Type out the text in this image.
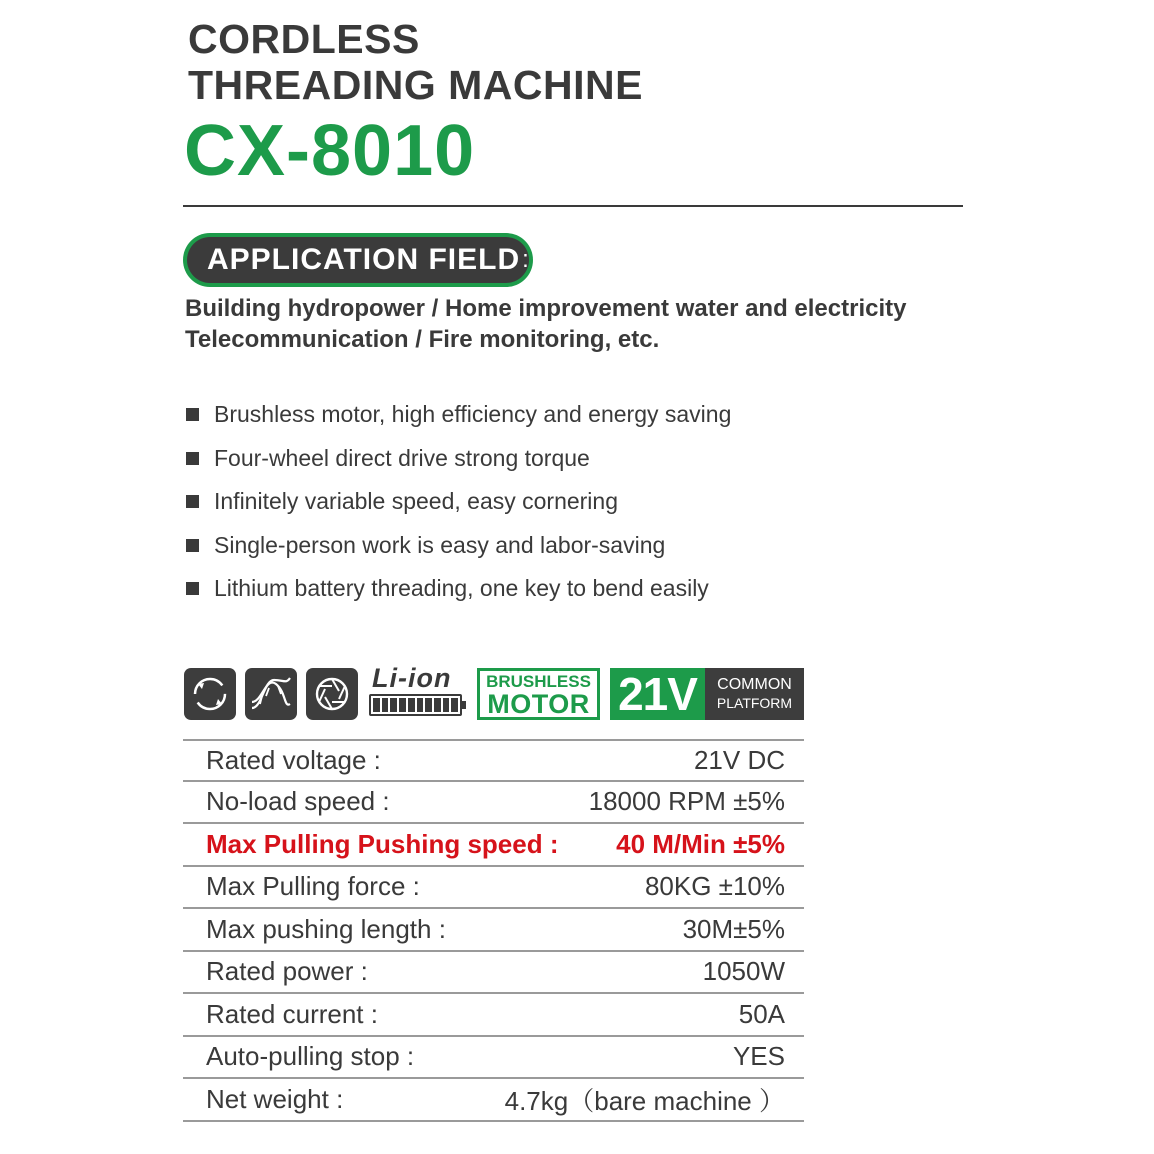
CORDLESS
THREADING MACHINE
CX-8010
APPLICATION FIELD :
Building hydropower / Home improvement water and electricity
Telecommunication / Fire monitoring, etc.
Brushless motor, high efficiency and energy saving
Four-wheel direct drive strong torque
Infinitely variable speed, easy cornering
Single-person work is easy and labor-saving
Lithium battery threading, one key to bend easily
Li-ion	BRUSHLESS
MOTOR 21V	COMMON
PLATFORM
Rated voltage :	21V DC
No-load speed :	18000 RPM ±5%
Max Pulling Pushing speed : 40 M/Min ±5%
Max Pulling force :	80KG ±10%
Max pushing length :	30M±5%
Rated power :	1050W
Rated current :	50A
Auto-pulling stop :	YES
Net weight :	4.7kg（bare machine ）
